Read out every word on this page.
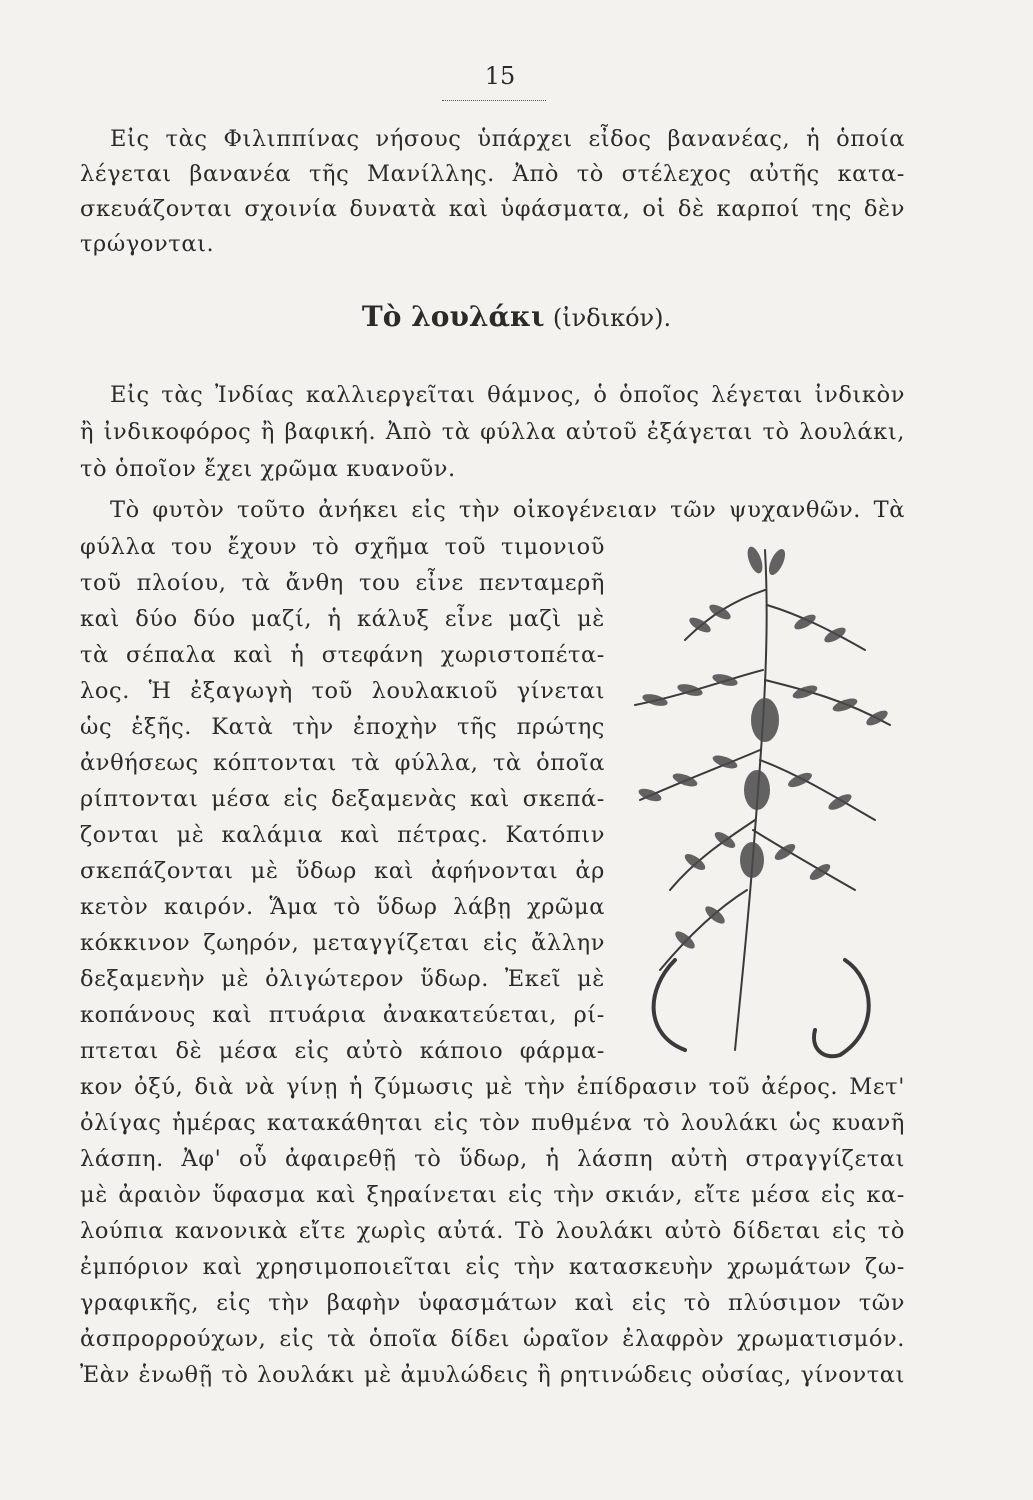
15
Εἰς τὰς Φιλιππίνας νήσους ὑπάρχει εἶδος βανανέας, ἡ ὁποία
λέγεται βανανέα τῆς Μανίλλης. Ἀπὸ τὸ στέλεχος αὐτῆς κατα-
σκευάζονται σχοινία δυνατὰ καὶ ὑφάσματα, οἱ δὲ καρποί της δὲν
τρώγονται.
Τὸ λουλάκι (ἰνδικόν).
Εἰς τὰς Ἰνδίας καλλιεργεῖται θάμνος, ὁ ὁποῖος λέγεται ἰνδικὸν
ἢ ἰνδικοφόρος ἢ βαφική. Ἀπὸ τὰ φύλλα αὐτοῦ ἐξάγεται τὸ λουλάκι,
τὸ ὁποῖον ἔχει χρῶμα κυανοῦν.
Τὸ φυτὸν τοῦτο ἀνήκει εἰς τὴν οἰκογένειαν τῶν ψυχανθῶν. Τὰ
φύλλα του ἔχουν τὸ σχῆμα τοῦ τιμονιοῦ
τοῦ πλοίου, τὰ ἄνθη του εἶνε πενταμερῆ
καὶ δύο δύο μαζί, ἡ κάλυξ εἶνε μαζὶ μὲ
τὰ σέπαλα καὶ ἡ στεφάνη χωριστοπέτα-
λος. Ἡ ἐξαγωγὴ τοῦ λουλακιοῦ γίνεται
ὡς ἑξῆς. Κατὰ τὴν ἐποχὴν τῆς πρώτης
ἀνθήσεως κόπτονται τὰ φύλλα, τὰ ὁποῖα
ρίπτονται μέσα εἰς δεξαμενὰς καὶ σκεπά-
ζονται μὲ καλάμια καὶ πέτρας. Κατόπιν
σκεπάζονται μὲ ὕδωρ καὶ ἀφήνονται ἀρ
κετὸν καιρόν. Ἅμα τὸ ὕδωρ λάβῃ χρῶμα
κόκκινον ζωηρόν, μεταγγίζεται εἰς ἄλλην
δεξαμενὴν μὲ ὀλιγώτερον ὕδωρ. Ἐκεῖ μὲ
κοπάνους καὶ πτυάρια ἀνακατεύεται, ρί-
πτεται δὲ μέσα εἰς αὐτὸ κάποιο φάρμα-
κον ὀξύ, διὰ νὰ γίνῃ ἡ ζύμωσις μὲ τὴν ἐπίδρασιν τοῦ ἀέρος. Μετ'
ὀλίγας ἡμέρας κατακάθηται εἰς τὸν πυθμένα τὸ λουλάκι ὡς κυανῆ
λάσπη. Ἀφ' οὗ ἀφαιρεθῇ τὸ ὕδωρ, ἡ λάσπη αὐτὴ στραγγίζεται
μὲ ἀραιὸν ὕφασμα καὶ ξηραίνεται εἰς τὴν σκιάν, εἴτε μέσα εἰς κα-
λούπια κανονικὰ εἴτε χωρὶς αὐτά. Τὸ λουλάκι αὐτὸ δίδεται εἰς τὸ
ἐμπόριον καὶ χρησιμοποιεῖται εἰς τὴν κατασκευὴν χρωμάτων ζω-
γραφικῆς, εἰς τὴν βαφὴν ὑφασμάτων καὶ εἰς τὸ πλύσιμον τῶν
ἀσπρορρούχων, εἰς τὰ ὁποῖα δίδει ὡραῖον ἐλαφρὸν χρωματισμόν.
Ἐὰν ἑνωθῇ τὸ λουλάκι μὲ ἀμυλώδεις ἢ ρητινώδεις οὐσίας, γίνονται
